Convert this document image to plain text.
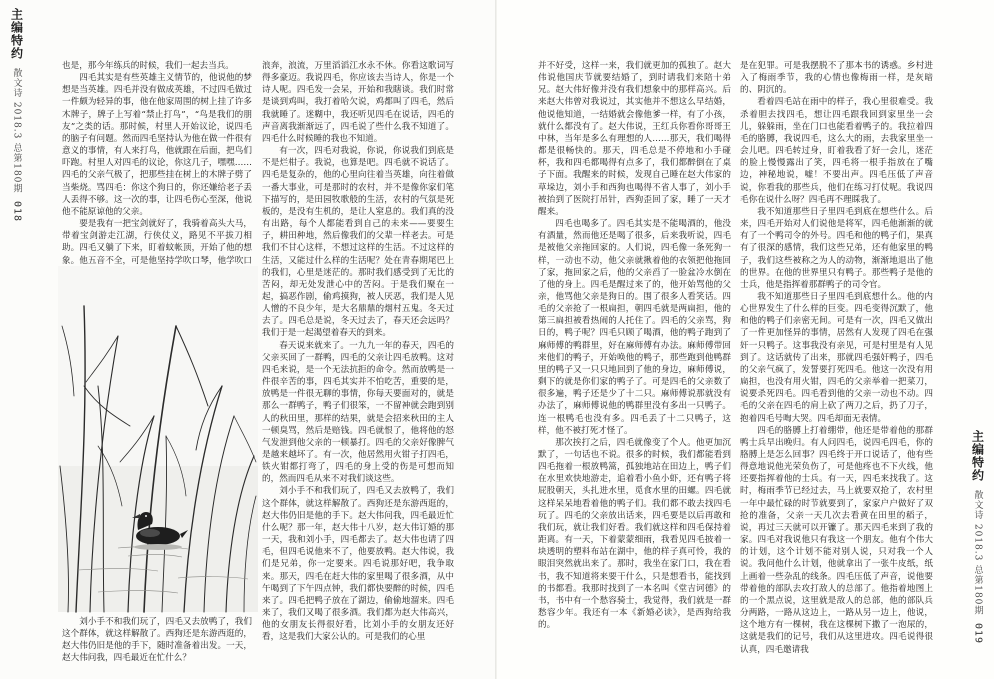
主编特约
散文诗 2018.3 总第180期
018

也是，那今年练兵的时候，我们一起去当兵。

四毛其实是有些英雄主义情节的，他说他的梦想是当英雄。四毛并没有做成英雄，不过四毛做过一件颇为轻异的事，他在他家周围的树上挂了许多木牌子，牌子上写着“禁止打鸟”，“鸟是我们的朋友”之类的话。那时候，村里人开始议论，说四毛的脑子有问题。然而四毛坚持认为他在做一件很有意义的事情，有人来打鸟，他就跟在后面，把鸟们吓跑。村里人对四毛的议论，你这几子，嘿嘿……四毛的父亲气极了，把那些挂在树上的木牌子劈了当柴烧。骂四毛：你这个狗日的，你还嫌给老子丢人丢得不够。这一次的事，让四毛伤心至深，他说他不能原谅他的父亲。

要是我有一把宝剑就好了，我骑着高头大马，带着宝剑游走江湖，行侠仗义，路见不平拔刀相助。四毛又躺了下来，盯着蚊帐顶，开始了他的想象。他五音不全，可是他坚持学吹口琴，他学吹口

刘小手不和我们玩了，四毛又去放鸭了，我们这个群体，就这样解散了。西狗还是东游西逛的，赵大伟仍旧是他的手下，随时准备着出发。一天，赵大伟问我，四毛最近在忙什么？

浪奔，浪流，万里滔滔江水永不休。你看这歌词写得多豪迈。我说四毛，你应该去当诗人，你是一个诗人呢。四毛发一会呆，开始和我瞎谈。我们时常是谈到鸡叫，我打着哈欠说，鸡都叫了四毛，然后我就睡了。迷糊中，我还听见四毛在说话，四毛的声音离我渐渐远了，四毛说了些什么我不知道了。四毛什么时候睡的我也不知道。

有一次，四毛对我说，你说，你说我们到底是不是烂柑子。我说，也算是吧。四毛就不说话了。四毛是复杂的，他的心里向往着当英雄，向往着做一番大事业，可是那时的农村，并不是像你家们笔下描写的，是田园牧歌般的生活，农村的气氛是死板的，是没有生机的，是让人窒息的。我们真的没有出路，每个人都能看到自己的未来——要要生子，耕田种地，然后像我们的父辈一样老去。可是我们不甘心这样，不想过这样的生活。不过这样的生活，又能过什么样的生活呢？处在青春期尾巴上的我们，心里是迷茫的。那时我们感受到了无比的苦闷，却无处发泄心中的苦闷。于是我们聚在一起，搞恶作剧，偷鸡摸狗，被人厌恶，我们是人见人憎的不良少年，是大名鼎鼎的烟村五鬼。冬天过去了。四毛总是说，冬天过去了，春天还会远吗？我们于是一起渴望着春天的到来。

春天说来就来了。一九九一年的春天，四毛的父亲买回了一群鸭，四毛的父亲让四毛放鸭。这对四毛来说，是一个无法抗拒的命令。然而放鸭是一件很辛苦的事，四毛其实并不怕吃苦，重要的是，放鸭是一件很无聊的事情，你每天要面对的，就是那么一群鸭子，鸭子们很笨，一不留神就会跑到别人的秋田里，那样的结果，就是会招来秋田的主人一顿臭骂，然后是赔钱。四毛就恨了，他将他的怒气发泄到他父亲的一顿暴打。四毛的父亲好像脾气是越来越坏了。有一次，他居然用火钳子打四毛，铁火钳都打弯了，四毛的身上受的伤是可想而知的，然而四毛从来不对我们谈这些。

刘小手不和我们玩了，四毛又去放鸭了，我们这个群体，就这样解散了。西狗还是东游西逛的，赵大伟仍旧是他的手下。赵大伟问我，四毛最近忙什么呢？那一年，赵大伟十八岁，赵大伟订婚的那一天，我和刘小手，四毛都去了。赵大伟也请了四毛，但四毛说他来不了，他要放鸭。赵大伟说，我们是兄弟，你一定要来。四毛说那好吧，我争取来。那天，四毛在赶大伟的家里喝了很多酒，从中午喝到了下午四点钟，我们都快要醉的时候，四毛来了。四毛把鸭子放在了湖边，偷偷地溜来。四毛来了，我们又喝了很多酒。我们都为赵大伟高兴，他的女朋友长得很好看，比刘小手的女朋友还好看，这是我们大家公认的。可是我们的心里

并不好受，这样一来，我们就更加的孤独了。赵大伟说他国庆节就要结婚了，到时请我们来陪十弟兄。赵大伟好像并没有我们想象中的那样高兴。后来赵大伟曾对我说过，其实他并不想这么早结婚，他说他知道，一结婚就会像他爹一样，有了小孩，就什么都没有了。赵大伟说，王红兵你看你哥哥王中林，当年是多么有理想的人……那天，我们喝得都是很畅快的。那天，四毛总是不停地和小手碰杯，我和四毛都喝得有点多了，我们都醉倒在了桌子下面。我醒来的时候，发现自己睡在赵大伟家的草垛边，刘小手和西狗也喝得不省人事了，刘小手被抬到了医院打吊针，西狗歪回了家，睡了一天才醒来。

四毛也喝多了。四毛其实是不能喝酒的，他没有酒量，然而他还是喝了很多，后来我听说，四毛是被他父亲拖回家的。人们说，四毛像一条死狗一样，一动也不动，他父亲就揪着他的衣领把他拖回了家，拖回家之后，他的父亲舀了一脸盆冷水倒在了他的身上。四毛是醒过来了的，他开始骂他的父亲，他骂他父亲是狗日的。围了很多人看笑话。四毛的父亲抢了一根扁担，朝四毛就是两扁担，他的第三扁担被看热闹的人托住了。四毛的父亲骂，狗日的，鸭子呢？四毛只顾了喝酒，他的鸭子跑到了麻师傅的鸭群里，好在麻师傅有办法。麻师傅带回来他们的鸭子，开始唤他的鸭子，那些跑到他鸭群里的鸭子又一只只地回到了他的身边，麻师傅说，剩下的就是你们家的鸭子了。可是四毛的父亲数了很多遍，鸭子还是少了十二只。麻师傅说那就没有办法了，麻师傅说他的鸭群里没有多出一只鸭子。连一根鸭毛也没有多。四毛丢了十二只鸭子，这样，他不被打死才怪了。

那次挨打之后，四毛就像变了个人。他更加沉默了，一句话也不说。很多的时候，我们都能看到四毛拖着一根放鸭篙，孤独地站在田边上，鸭子们在水里欢快地游走，追着看小鱼小虾，还有鸭子将屁股朝天，头扎进水里，觅食水里的田螺。四毛就这样呆呆地看着他的鸭子们。我们都不敢去找四毛玩了。四毛的父亲放出话来，四毛要是以后再敢和我们玩，就让我们好看。我们就这样和四毛保持着距离。有一天，下着蒙蒙细雨，我看见四毛披着一块透明的塑料布站在湖中，他的样子真可怜，我的眼泪突然就出来了。那时，我坐在家门口，我在看书，我不知道将来要干什么，只是想看书，能找到的书都看。我那时找到了一本名叫《堂吉诃德》的书，书中有一个愁容骑士，我觉得，我们就是一群愁容少年。我还有一本《新婚必读》，是西狗给我的。

是在犯罪。可是我摆脱不了那本书的诱惑。乡村进入了梅雨季节，我的心情也像梅雨一样，是灰暗的、阴沉的。

看着四毛站在雨中的样子，我心里很难受。我杀着胆去找四毛，想让四毛跟我回到家里坐一会儿，躲躲雨，坐在门口也能看着鸭子的。我拉着四毛的胳膊，我说四毛，这么大的雨，去我家里坐一会儿吧。四毛转过身，盯着我看了好一会儿，迷茫的脸上慢慢露出了笑，四毛将一根手指放在了嘴边，神秘地说，嘘！不要出声。四毛压低了声音说，你看我的那些兵，他们在练习打仗呢。我说四毛你在说什么呀？四毛再不理睬我了。

我不知道那些日子里四毛到底在想些什么。后来，四毛开始对人们说他是将军，四毛他渐渐的就有了一个鸭司令的外号。四毛和他的鸭子们，果真有了很深的感情，我们这些兄弟，还有他家里的鸭子，我们这些被称之为人的动物，渐渐地退出了他的世界。在他的世界里只有鸭子。那些鸭子是他的士兵，他是指挥着那群鸭子的司令官。

我不知道那些日子里四毛到底想什么。他的内心世界发生了什么样的巨变。四毛变得沉默了，他和他的鸭子们亲密无间。可是有一次，四毛又做出了一件更加怪异的事情，居然有人发现了四毛在强奸一只鸭子。这事我没有亲见，可是村里是有人见到了。这话就传了出来，那就四毛强奸鸭子，四毛的父亲气疯了，发誓要打死四毛。他这一次没有用扁担，也没有用火钳，四毛的父亲举着一把菜刀，说要杀死四毛。四毛看到他的父亲一动也不动。四毛的父亲在四毛的肩上砍了两刀之后，扔了刀子，抱着四毛号啕大哭。四毛却面无表情。

四毛的胳膊上打着绷带，他还是带着他的那群鸭士兵早出晚归。有人问四毛，说四毛四毛，你的胳膊上是怎么回事？四毛终于开口说话了，他有些得意地说他光荣负伤了，可是他疼也不下火线，他还要指挥着他的士兵。有一天，四毛来找我了。这时，梅雨季节已经过去，马上就要双抢了，农村里一年中最忙碌的时节就要到了，家家户户做好了双抢的准备，父亲一天几次去看黄在田里的稻子，说，再过三天就可以开镰了。那天四毛来到了我的家。四毛对我说他只有我这一个朋友。他有个伟大的计划，这个计划不能对别人说，只对我一个人说。我问他什么计划，他就拿出了一张牛皮纸，纸上画着一些杂乱的线条。四毛压低了声音，说他要带着他的部队去攻打敌人的总部了。他指着地图上的一个黑点说，这里就是敌人的总部，他的部队兵分两路，一路从这边上，一路从另一边上，他说，这个地方有一棵树，我在这棵树下撒了一泡尿的，这就是我们的记号，我们从这里进攻。四毛说得很认真，四毛邀请我

主编特约
散文诗 2018.3 总第180期
019
